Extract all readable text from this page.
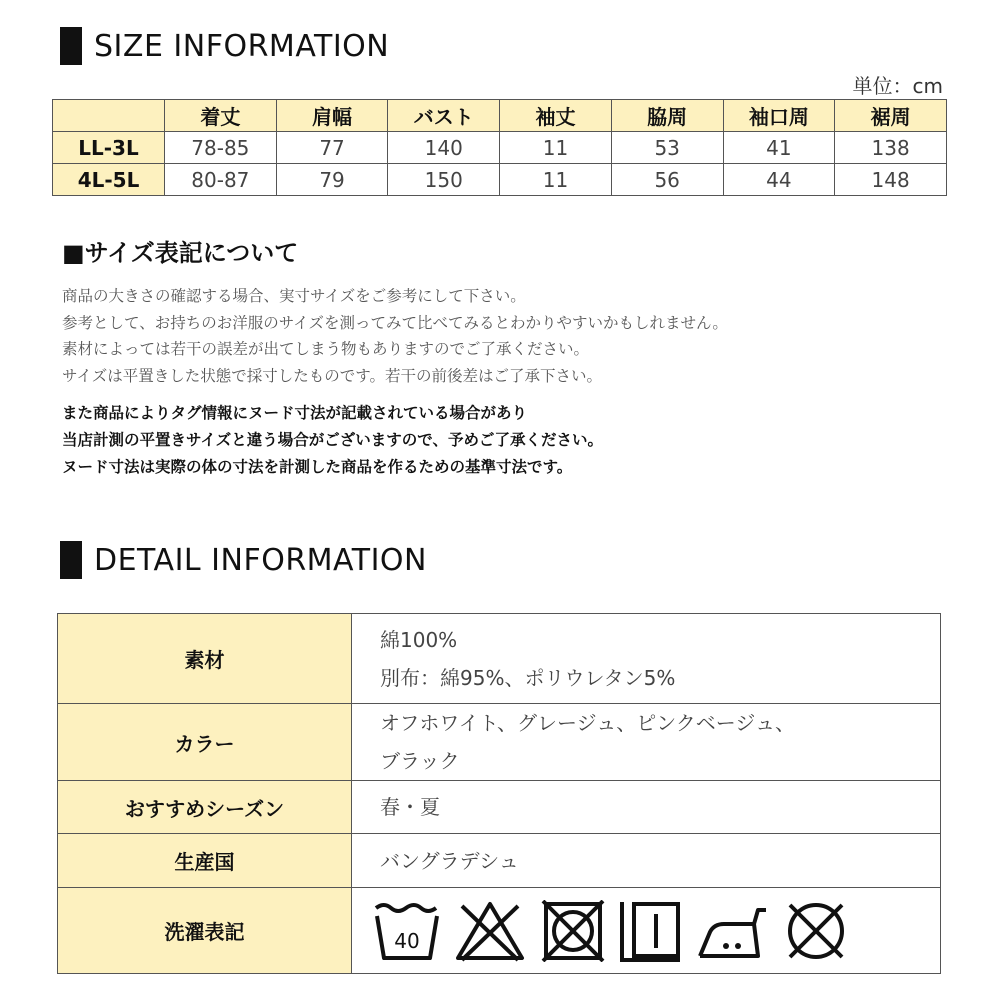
SIZE INFORMATION
単位：cm
	着丈	肩幅	バスト	袖丈	脇周	袖口周	裾周
LL-3L	78-85	77	140	11	53	41	138
4L-5L	80-87	79	150	11	56	44	148
■サイズ表記について
商品の大きさの確認する場合、実寸サイズをご参考にして下さい。
参考として、お持ちのお洋服のサイズを測ってみて比べてみるとわかりやすいかもしれません。
素材によっては若干の誤差が出てしまう物もありますのでご了承ください。
サイズは平置きした状態で採寸したものです。若干の前後差はご了承下さい。
また商品によりタグ情報にヌード寸法が記載されている場合があり
当店計測の平置きサイズと違う場合がございますので、予めご了承ください。
ヌード寸法は実際の体の寸法を計測した商品を作るための基準寸法です。
DETAIL INFORMATION
素材	綿100%
別布：綿95%、ポリウレタン5%

カラー	オフホワイト、グレージュ、ピンクベージュ、
ブラック

おすすめシーズン	春・夏

生産国	バングラデシュ

洗濯表記	40
